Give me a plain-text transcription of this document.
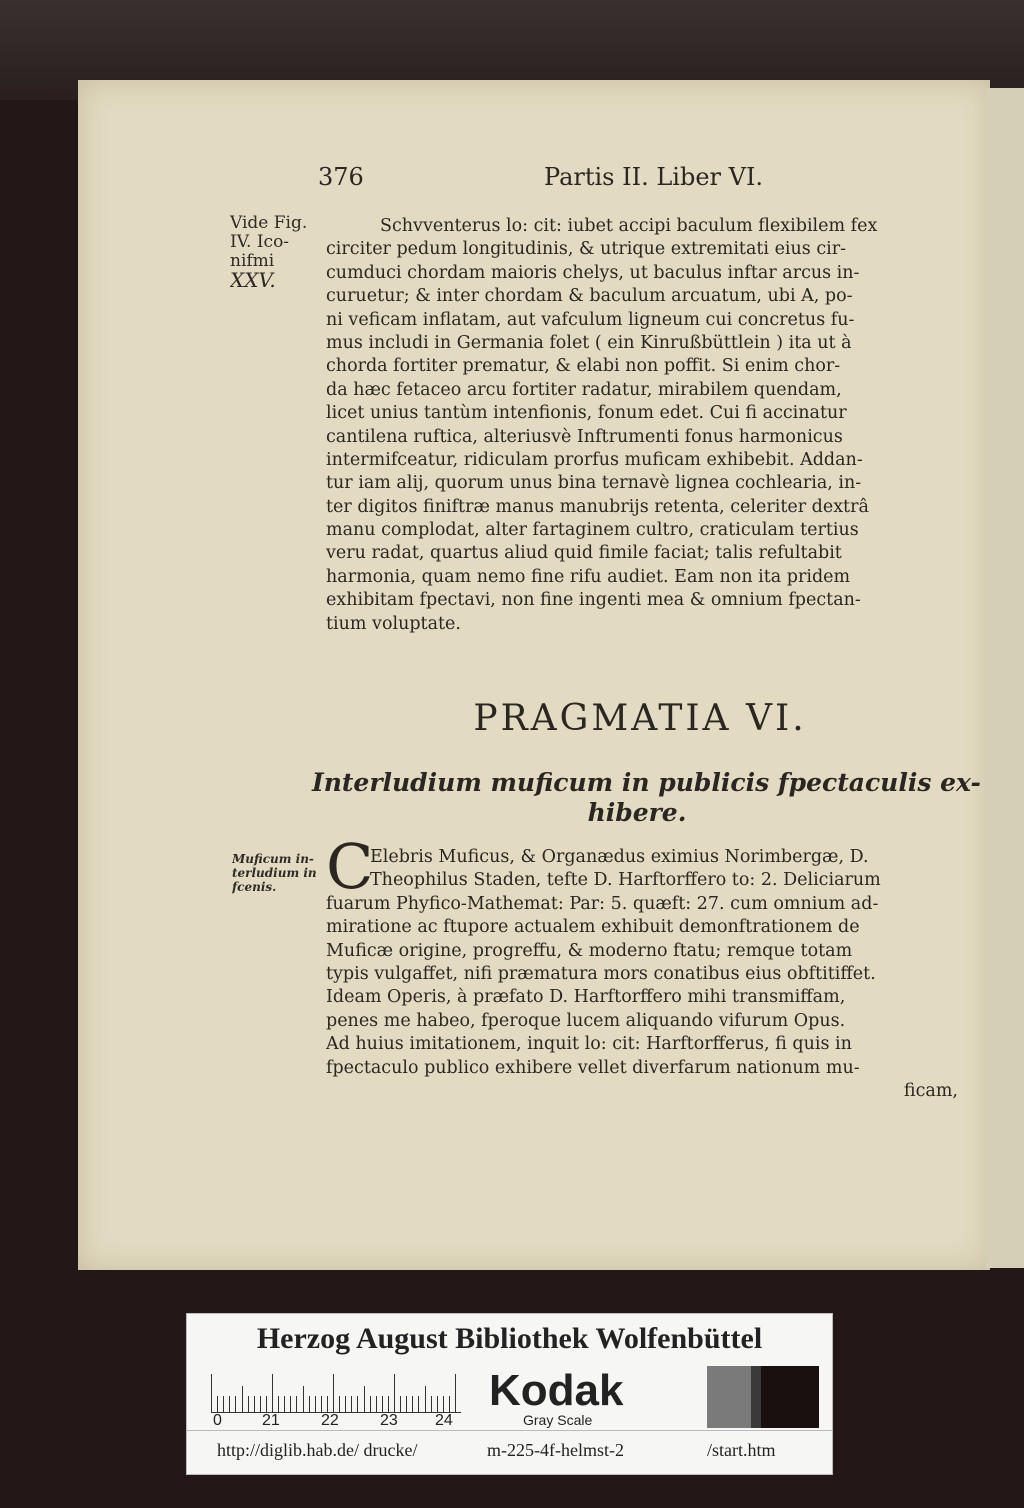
376	Partis II. Liber VI.
Vide Fig.
IV. Ico-
nifmi
XXV.
Muficum in-
terludium in
fcenis.
Schvventerus lo: cit: iubet accipi baculum flexibilem fex
circiter pedum longitudinis, & utrique extremitati eius cir-
cumduci chordam maioris chelys, ut baculus inftar arcus in-
curuetur; & inter chordam & baculum arcuatum, ubi A, po-
ni veficam inflatam, aut vafculum ligneum cui concretus fu-
mus includi in Germania folet ( ein Kinrußbüttlein ) ita ut à
chorda fortiter prematur, & elabi non poffit. Si enim chor-
da hæc fetaceo arcu fortiter radatur, mirabilem quendam,
licet unius tantùm intenfionis, fonum edet. Cui fi accinatur
cantilena ruftica, alteriusvè Inftrumenti fonus harmonicus
intermifceatur, ridiculam prorfus muficam exhibebit. Addan-
tur iam alij, quorum unus bina ternavè lignea cochlearia, in-
ter digitos finiftræ manus manubrijs retenta, celeriter dextrâ
manu complodat, alter fartaginem cultro, craticulam tertius
veru radat, quartus aliud quid fimile faciat; talis refultabit
harmonia, quam nemo fine rifu audiet. Eam non ita pridem
exhibitam fpectavi, non fine ingenti mea & omnium fpectan-
tium voluptate.
PRAGMATIA VI.
Interludium muficum in publicis fpectaculis ex-
hibere.
C
Elebris Muficus, & Organædus eximius Norimbergæ, D.
Theophilus Staden, tefte D. Harftorffero to: 2. Deliciarum
fuarum Phyfico-Mathemat: Par: 5. quæft: 27. cum omnium ad-
miratione ac ftupore actualem exhibuit demonftrationem de
Muficæ origine, progreffu, & moderno ftatu; remque totam
typis vulgaffet, nifi præmatura mors conatibus eius obftitiffet.
Ideam Operis, à præfato D. Harftorffero mihi transmiffam,
penes me habeo, fperoque lucem aliquando vifurum Opus.
Ad huius imitationem, inquit lo: cit: Harftorfferus, fi quis in
fpectaculo publico exhibere vellet diverfarum nationum mu-
ficam,
Herzog August Bibliothek Wolfenbüttel
0	21	22	23 24
Kodak
Gray Scale
http://diglib.hab.de/ drucke/	m-225-4f-helmst-2	/start.htm
